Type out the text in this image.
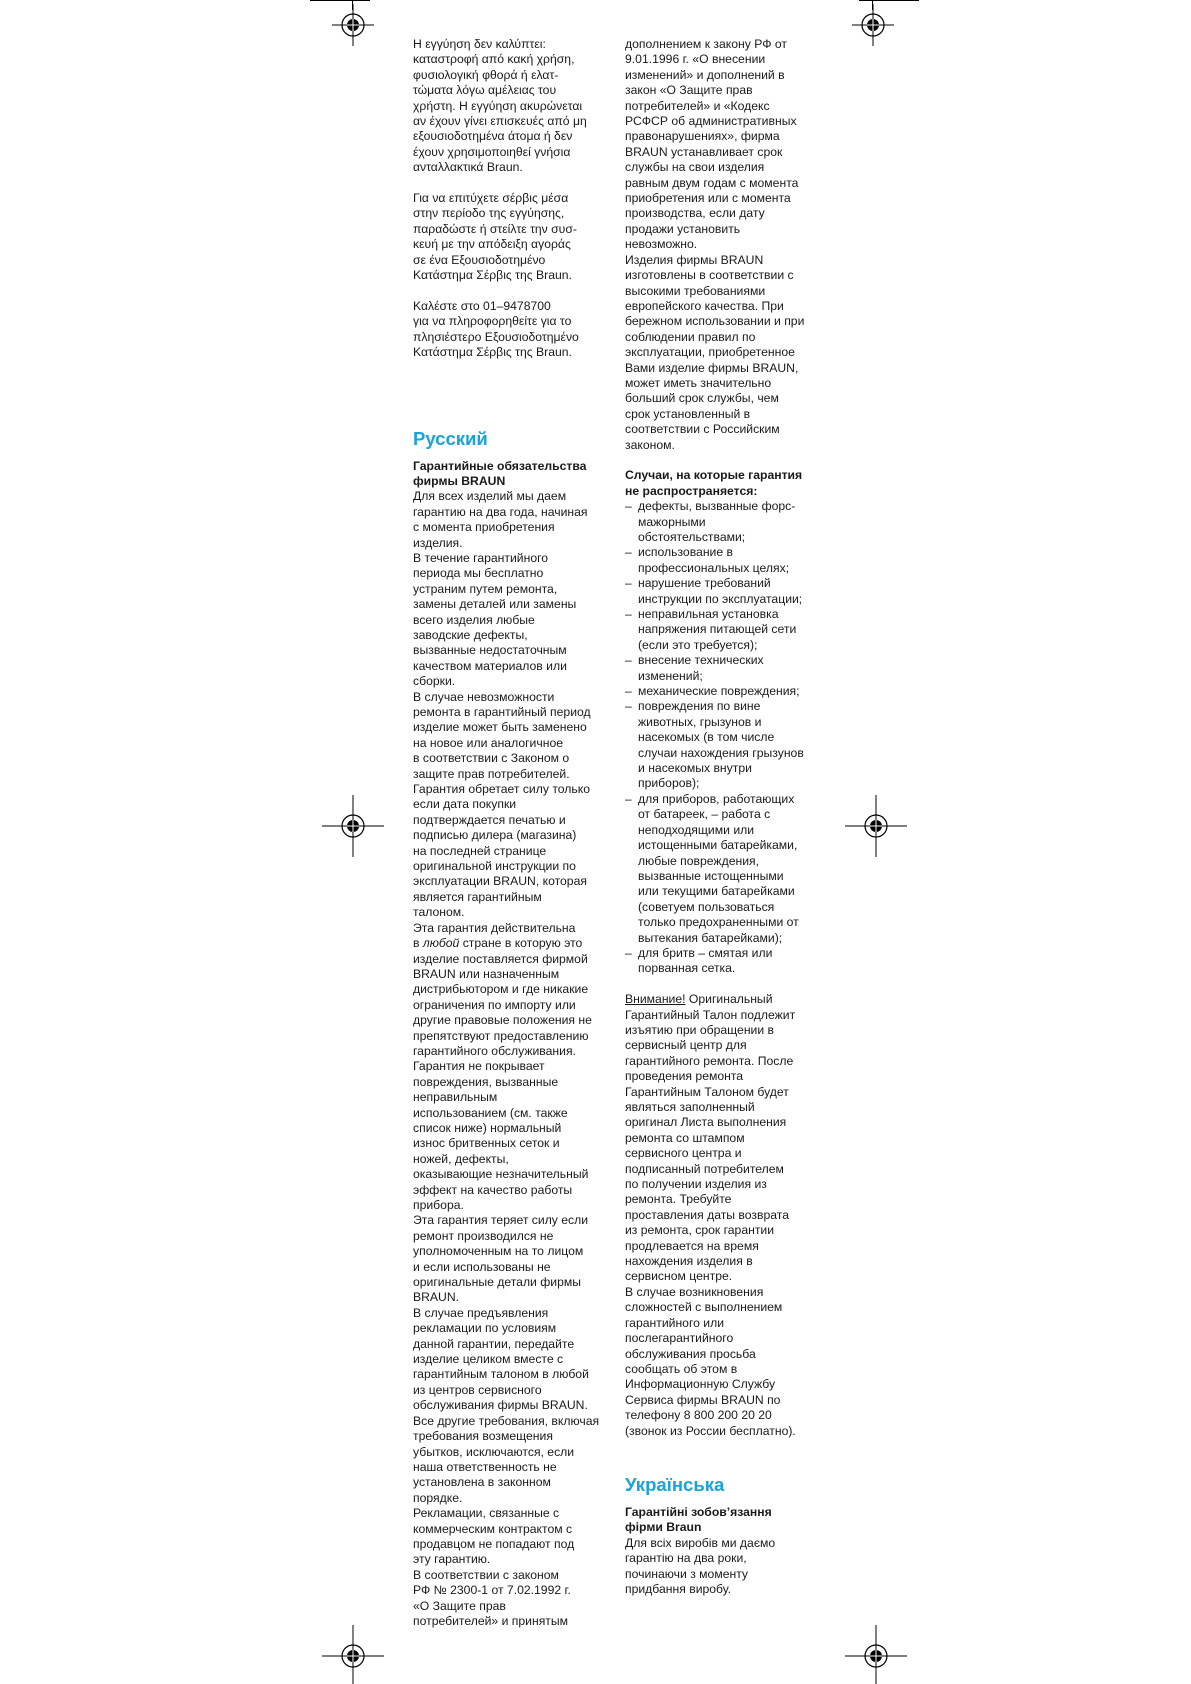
Η εγγύηση δεν καλύπτει:
καταστροφή από κακή χρήση,
φυσιολογική φθορά ή ελατ-
τώματα λόγω αμέλειας του
χρήστη. Η εγγύηση ακυρώνεται
αν έχουν γίνει επισκευές από μη
εξουσιοδοτημένα άτομα ή δεν
έχουν χρησιμοποιηθεί γνήσια
ανταλλακτικά Braun.

Για να επιτύχετε σέρβις μέσα
στην περίοδο της εγγύησης,
παραδώστε ή στείλτε την συσ-
κευή με την απόδειξη αγοράς
σε ένα Εξουσιοδοτημένο
Κατάστημα Σέρβις της Braun.

Καλέστε στο 01–9478700
για να πληροφορηθείτε για το
πλησιέστερο Εξουσιοδοτημένο
Κατάστημα Σέρβις της Braun.

Русский

Гарантийные обязательства
фирмы BRAUN

Для всех изделий мы даем
гарантию на два года, начиная
с момента приобретения
изделия.
В течение гарантийного
периода мы бесплатно
устраним путем ремонта,
замены деталей или замены
всего изделия любые
заводские дефекты,
вызванные недостаточным
качеством материалов или
сборки.
В случае невозможности
ремонта в гарантийный период
изделие может быть заменено
на новое или аналогичное
в соответствии с Законом о
защите прав потребителей.
Гарантия обретает силу только
если дата покупки
подтверждается печатью и
подписью дилера (магазина)
на последней странице
оригинальной инструкции по
эксплуатации BRAUN, которая
является гарантийным
талоном.
Эта гарантия действительна

в любой стране в которую это

изделие поставляется фирмой
BRAUN или назначенным
дистрибьютором и где никакие
ограничения по импорту или
другие правовые положения не
препятствуют предоставлению
гарантийного обслуживания.
Гарантия не покрывает
повреждения, вызванные
неправильным
использованием (см. также
список ниже) нормальный
износ бритвенных сеток и
ножей, дефекты,
оказывающие незначительный
эффект на качество работы
прибора.
Эта гарантия теряет силу если
ремонт производился не
уполномоченным на то лицом
и если использованы не
оригинальные детали фирмы
BRAUN.
В случае предъявления
рекламации по условиям
данной гарантии, передайте
изделие целиком вместе с
гарантийным талоном в любой
из центров сервисного
обслуживания фирмы BRAUN.
Все другие требования, включая
требования возмещения
убытков, исключаются, если
наша ответственность не
установлена в законном
порядке.
Рекламации, связанные с
коммерческим контрактом с
продавцом не попадают под
эту гарантию.
В соответствии с законом
РФ № 2300-1 от 7.02.1992 г.
«О Защите прав
потребителей» и принятым

дополнением к закону РФ от
9.01.1996 г. «О внесении
изменений» и дополнений в
закон «О Защите прав
потребителей» и «Кодекс
РСФСР об административных
правонарушениях», фирма
BRAUN устанавливает срок
службы на свои изделия
равным двум годам с момента
приобретения или с момента
производства, если дату
продажи установить
невозможно.
Изделия фирмы BRAUN
изготовлены в соответствии с
высокими требованиями
европейского качества. При
бережном использовании и при
соблюдении правил по
эксплуатации, приобретенное
Вами изделие фирмы BRAUN,
может иметь значительно
больший срок службы, чем
срок установленный в
соответствии с Российским
законом.

Случаи, на которые гарантия
не распространяется:

– дефекты, вызванные форс-
мажорными
обстоятельствами;
– использование в
профессиональных целях;
– нарушение требований
инструкции по эксплуатации;
– неправильная установка
напряжения питающей сети
(если это требуется);
– внесение технических
изменений;
– механические повреждения;
– повреждения по вине
животных, грызунов и
насекомых (в том числе
случаи нахождения грызунов
и насекомых внутри
приборов);
– для приборов, работающих
от батареек, – работа с
неподходящими или
истощенными батарейками,
любые повреждения,
вызванные истощенными
или текущими батарейками
(советуем пользоваться
только предохраненными от
вытекания батарейками);
– для бритв – смятая или
порванная сетка.

Внимание! Оригинальный

Гарантийный Талон подлежит
изъятию при обращении в
сервисный центр для
гарантийного ремонта. После
проведения ремонта
Гарантийным Талоном будет
являться заполненный
оригинал Листа выполнения
ремонта со штампом
сервисного центра и
подписанный потребителем
по получении изделия из
ремонта. Требуйте
проставления даты возврата
из ремонта, срок гарантии
продлевается на время
нахождения изделия в
сервисном центре.
В случае возникновения
сложностей с выполнением
гарантийного или
послегарантийного
обслуживания просьба
сообщать об этом в
Информационную Службу
Сервиса фирмы BRAUN по
телефону 8 800 200 20 20
(звонок из России бесплатно).

Українська

Гарантійні зобов’язання
фірми Braun

Для всіх виробів ми даємо
гарантію на два роки,
починаючи з моменту
придбання виробу.
